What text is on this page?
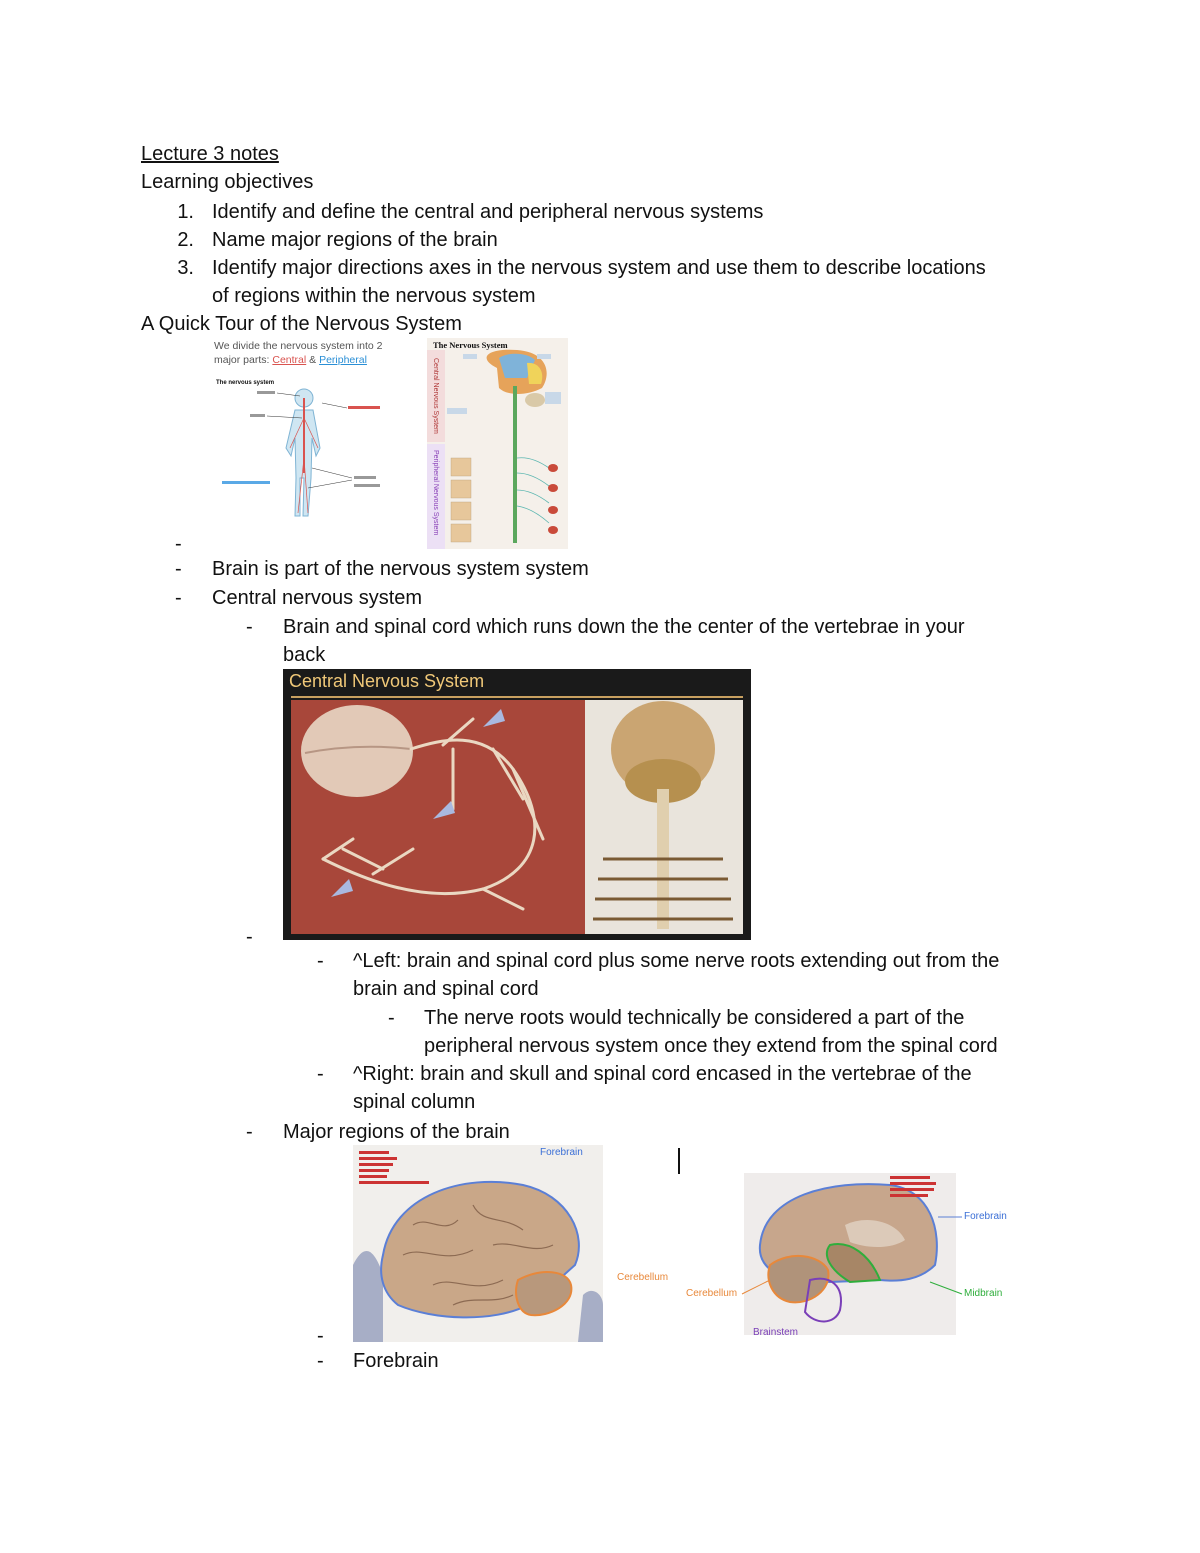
Lecture 3 notes
Learning objectives
1. Identify and define the central and peripheral nervous systems
2. Name major regions of the brain
3. Identify major directions axes in the nervous system and use them to describe locations
of regions within the nervous system
A Quick Tour of the Nervous System
We divide the nervous system into 2
major parts: Central & Peripheral
The nervous system
The Nervous System
Central Nervous System
Peripheral Nervous System
-
- Brain is part of the nervous system system
- Central nervous system
- Brain and spinal cord which runs down the the center of the vertebrae in your
back
Central Nervous System
-
- ^Left: brain and spinal cord plus some nerve roots extending out from the
brain and spinal cord
- The nerve roots would technically be considered a part of the
peripheral nervous system once they extend from the spinal cord
- ^Right: brain and skull and spinal cord encased in the vertebrae of the
spinal column
- Major regions of the brain
Forebrain
Cerebellum
Forebrain
Cerebellum	Midbrain
Brainstem
-
- Forebrain
